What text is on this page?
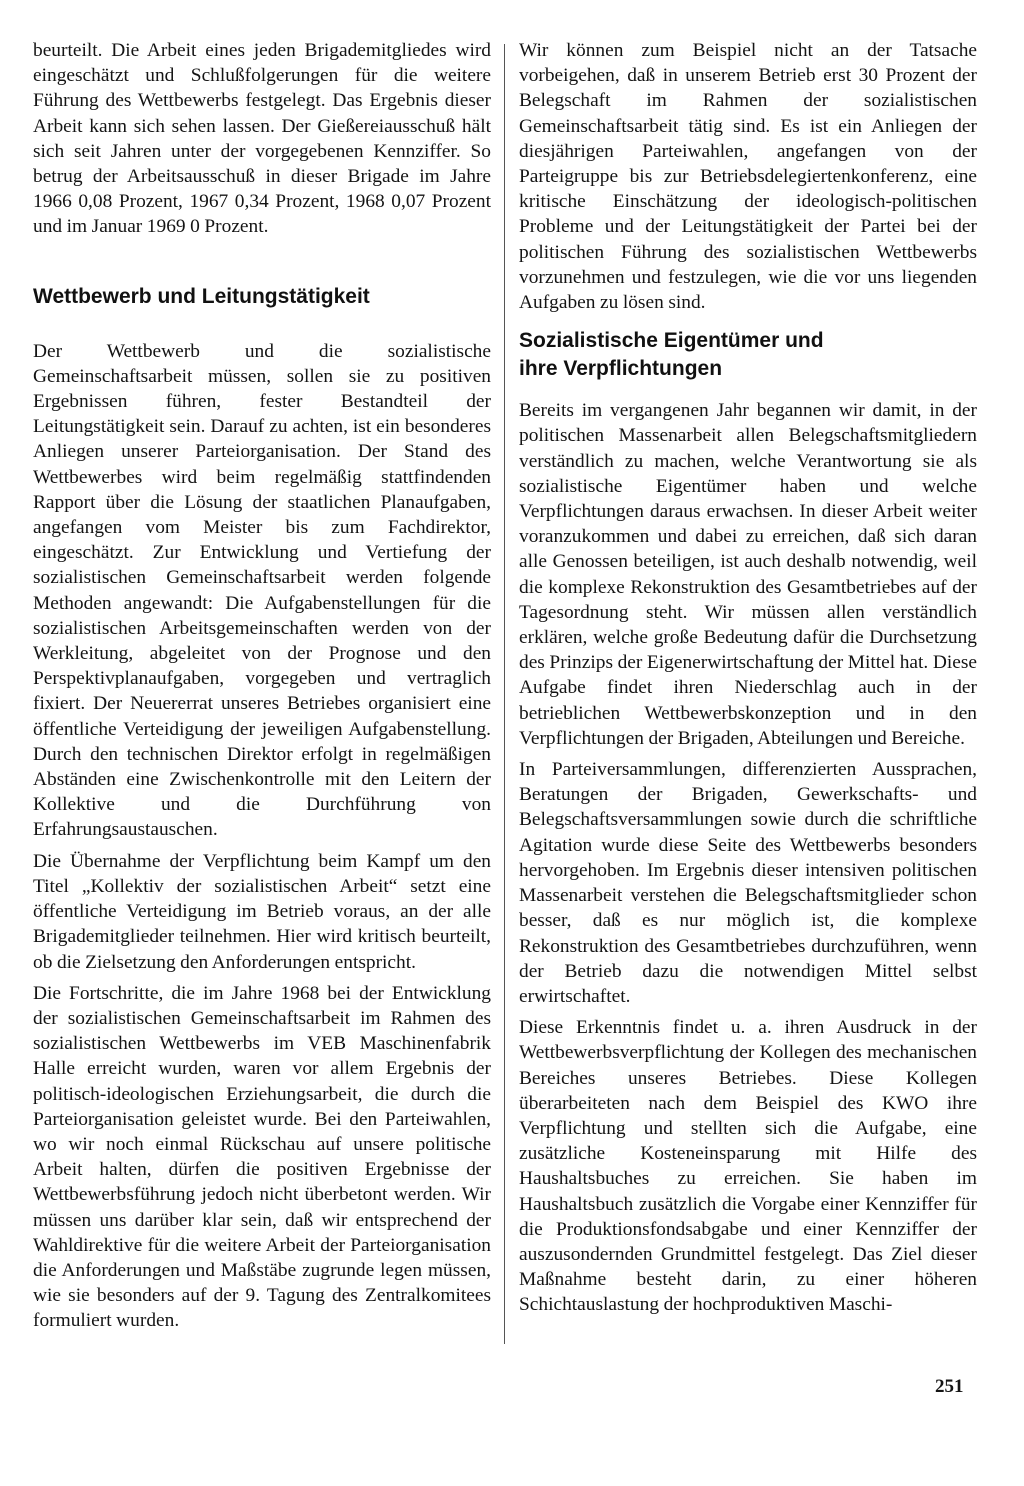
beurteilt. Die Arbeit eines jeden Brigademitgliedes wird eingeschätzt und Schlußfolgerungen für die weitere Führung des Wettbewerbs festgelegt. Das Ergebnis dieser Arbeit kann sich sehen lassen. Der Gießereiausschuß hält sich seit Jahren unter der vorgegebenen Kennziffer. So betrug der Arbeitsausschuß in dieser Brigade im Jahre 1966 0,08 Prozent, 1967 0,34 Prozent, 1968 0,07 Prozent und im Januar 1969 0 Prozent.

Wettbewerb und Leitungstätigkeit

Der Wettbewerb und die sozialistische Gemeinschaftsarbeit müssen, sollen sie zu positiven Ergebnissen führen, fester Bestandteil der Leitungstätigkeit sein. Darauf zu achten, ist ein besonderes Anliegen unserer Parteiorganisation. Der Stand des Wettbewerbes wird beim regelmäßig stattfindenden Rapport über die Lösung der staatlichen Planaufgaben, angefangen vom Meister bis zum Fachdirektor, eingeschätzt. Zur Entwicklung und Vertiefung der sozialistischen Gemeinschaftsarbeit werden folgende Methoden angewandt: Die Aufgabenstellungen für die sozialistischen Arbeitsgemeinschaften werden von der Werkleitung, abgeleitet von der Prognose und den Perspektivplanaufgaben, vorgegeben und vertraglich fixiert. Der Neuererrat unseres Betriebes organisiert eine öffentliche Verteidigung der jeweiligen Aufgabenstellung. Durch den technischen Direktor erfolgt in regelmäßigen Abständen eine Zwischenkontrolle mit den Leitern der Kollektive und die Durchführung von Erfahrungsaustauschen.

Die Übernahme der Verpflichtung beim Kampf um den Titel „Kollektiv der sozialistischen Arbeit“ setzt eine öffentliche Verteidigung im Betrieb voraus, an der alle Brigademitglieder teilnehmen. Hier wird kritisch beurteilt, ob die Zielsetzung den Anforderungen entspricht.

Die Fortschritte, die im Jahre 1968 bei der Entwicklung der sozialistischen Gemeinschaftsarbeit im Rahmen des sozialistischen Wettbewerbs im VEB Maschinenfabrik Halle erreicht wurden, waren vor allem Ergebnis der politisch-ideologischen Erziehungsarbeit, die durch die Parteiorganisation geleistet wurde. Bei den Parteiwahlen, wo wir noch einmal Rückschau auf unsere politische Arbeit halten, dürfen die positiven Ergebnisse der Wettbewerbsführung jedoch nicht überbetont werden. Wir müssen uns darüber klar sein, daß wir entsprechend der Wahldirektive für die weitere Arbeit der Parteiorganisation die Anforderungen und Maßstäbe zugrunde legen müssen, wie sie besonders auf der 9. Tagung des Zentralkomitees formuliert wurden.

Wir können zum Beispiel nicht an der Tatsache vorbeigehen, daß in unserem Betrieb erst 30 Prozent der Belegschaft im Rahmen der sozialistischen Gemeinschaftsarbeit tätig sind. Es ist ein Anliegen der diesjährigen Parteiwahlen, angefangen von der Parteigruppe bis zur Betriebsdelegiertenkonferenz, eine kritische Einschätzung der ideologisch-politischen Probleme und der Leitungstätigkeit der Partei bei der politischen Führung des sozialistischen Wettbewerbs vorzunehmen und festzulegen, wie die vor uns liegenden Aufgaben zu lösen sind.

Sozialistische Eigentümer und
ihre Verpflichtungen

Bereits im vergangenen Jahr begannen wir damit, in der politischen Massenarbeit allen Belegschaftsmitgliedern verständlich zu machen, welche Verantwortung sie als sozialistische Eigentümer haben und welche Verpflichtungen daraus erwachsen. In dieser Arbeit weiter voranzukommen und dabei zu erreichen, daß sich daran alle Genossen beteiligen, ist auch deshalb notwendig, weil die komplexe Rekonstruktion des Gesamtbetriebes auf der Tagesordnung steht. Wir müssen allen verständlich erklären, welche große Bedeutung dafür die Durchsetzung des Prinzips der Eigenerwirtschaftung der Mittel hat. Diese Aufgabe findet ihren Niederschlag auch in der betrieblichen Wettbewerbskonzeption und in den Verpflichtungen der Brigaden, Abteilungen und Bereiche.

In Parteiversammlungen, differenzierten Aussprachen, Beratungen der Brigaden, Gewerkschafts- und Belegschaftsversammlungen sowie durch die schriftliche Agitation wurde diese Seite des Wettbewerbs besonders hervorgehoben. Im Ergebnis dieser intensiven politischen Massenarbeit verstehen die Belegschaftsmitglieder schon besser, daß es nur möglich ist, die komplexe Rekonstruktion des Gesamtbetriebes durchzuführen, wenn der Betrieb dazu die notwendigen Mittel selbst erwirtschaftet.

Diese Erkenntnis findet u. a. ihren Ausdruck in der Wettbewerbsverpflichtung der Kollegen des mechanischen Bereiches unseres Betriebes. Diese Kollegen überarbeiteten nach dem Beispiel des KWO ihre Verpflichtung und stellten sich die Aufgabe, eine zusätzliche Kosteneinsparung mit Hilfe des Haushaltsbuches zu erreichen. Sie haben im Haushaltsbuch zusätzlich die Vorgabe einer Kennziffer für die Produktionsfondsabgabe und einer Kennziffer der auszusondernden Grundmittel festgelegt. Das Ziel dieser Maßnahme besteht darin, zu einer höheren Schichtauslastung der hochproduktiven Maschi-

251
